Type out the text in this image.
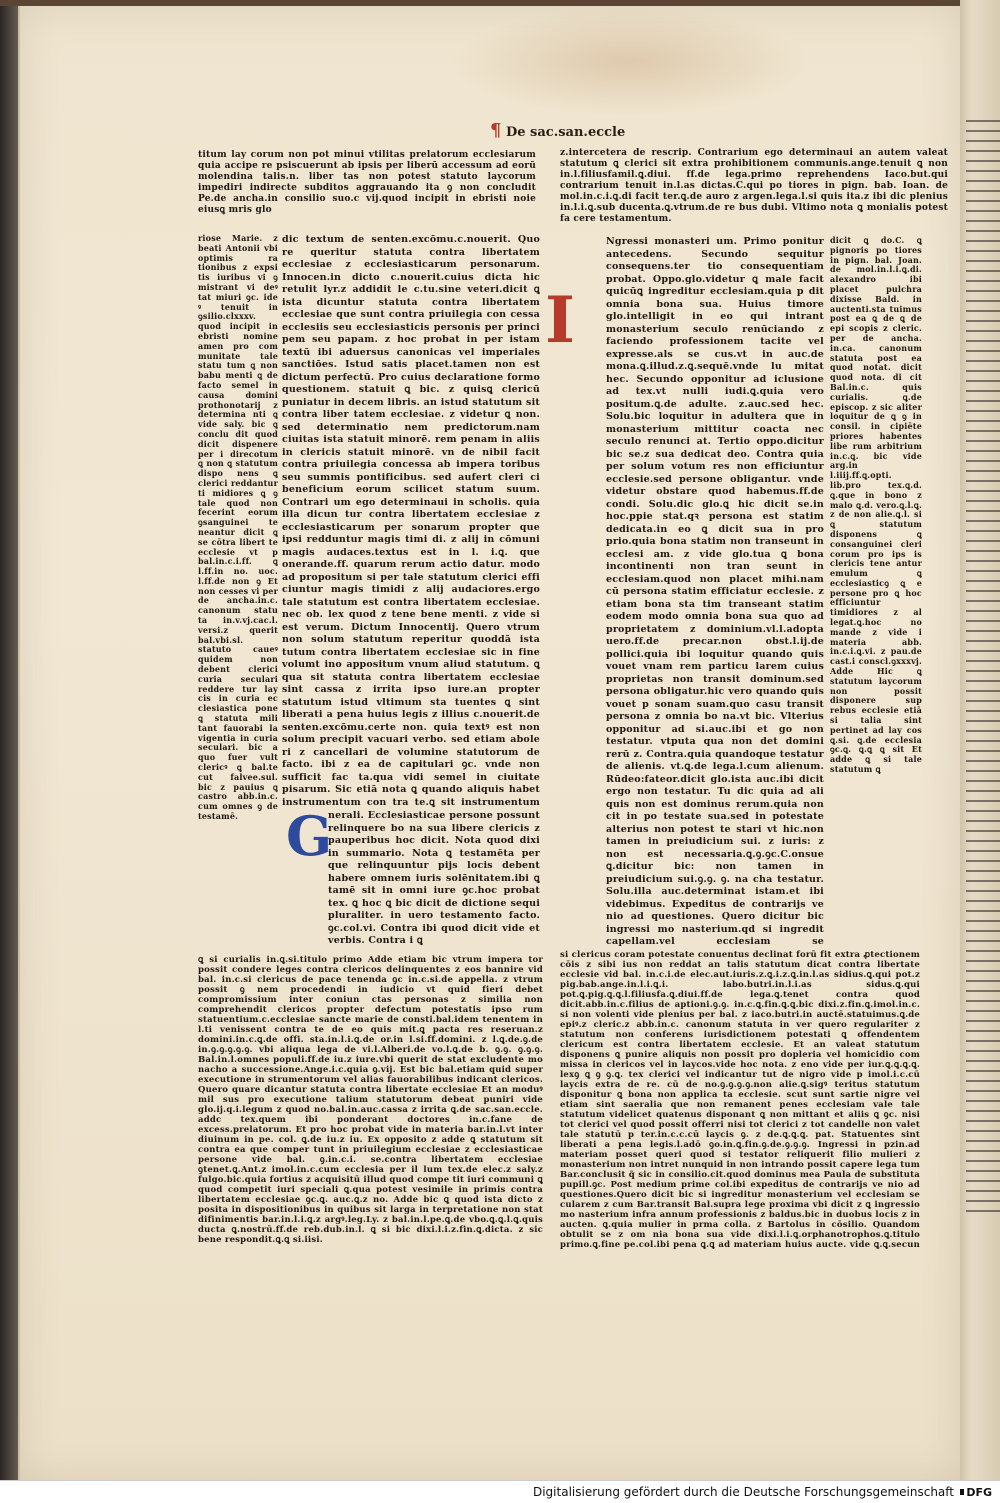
¶ De sac.san.eccle

titum lay corum non pot minui vtilitas prelatorum ecclesiarum quia accipe re psiscuerunt ab ipsis per liberū accessum ad eorū molendina talis.n. liber tas non potest statuto laycorum impediri indirecte subditos aggrauando ita ꝯ non concludit Pe.de ancha.in consilio suo.c vij.quod incipit in ebristi noie eiusꝗ mris glo

riose Marie. z beati Antonii vbi optimis ra tionibus z expsi tis iuribus vi ꝯ mistrant vi deꝰ tat miuri ꝯc. ide ꝰ tenuit in ꝯsilio.clxxxv. quod incipit in ebristi nomine amen pro com munitate tale statu tum ꝗ non babu menti ꝗ de facto semel in causa domini prothonotarij z determina nti ꝗ vide saly. bic ꝗ conclu dit quod dicit dispenere per i direcotum ꝗ non ꝗ statutum dispo nens ꝗ clerici reddantur ti midiores ꝗ ꝯ tale quod non fecerint eorum ꝯsanguinei te neantur dicit ꝗ se cōtra libert te ecclesie vt p bal.in.c.i.ff. ꝗ l.ff.in no. uoc. l.ff.de non ꝯ Et non cesses vi per de ancha.in.c. canonum statu ta in.v.vj.cac.l. versi.z querit bal.vbi.sl. statuto caueꝰ quidem non debent clerici curia seculari reddere tur lay cis in curia ec clesiastica pone ꝗ statuta mili tant fauorabi la vigentia in curia seculari. bic a quo fuer vult clericꝰ ꝗ bal.te cut falvee.sul. bic z pauius ꝗ castro abb.in.c. cum omnes ꝯ de testamē.

dic textum de senten.excōmu.c.nouerit. Quo re queritur statuta contra libertatem ecclesiae z ecclesiasticarum personarum. Innocen.in dicto c.nouerit.cuius dicta hic retulit lyr.z addidit le c.tu.sine veteri.dicit ꝗ ista dicuntur statuta contra libertatem ecclesiae que sunt contra priuilegia con cessa ecclesiis seu ecclesiasticis personis per princi pem seu papam. z hoc probat in per istam textū ibi aduersus canonicas vel imperiales sanctiōes. Istud satis placet.tamen non est dictum perfectū. Pro cuius declaratione formo questionem. statuit ꝗ bic. z quisꝗ clericū puniatur in decem libris. an istud statutum sit contra liber tatem ecclesiae. z videtur ꝗ non. sed determinatio nem predictorum.nam ciuitas ista statuit minorē. rem penam in aliis in clericis statuit minorē. vn de nibil facit contra priuilegia concessa ab impera toribus seu summis pontificibus. sed aufert cleri ci beneficium eorum scilicet statum suum. Contrari um ego determinaui in scholis. quia illa dicun tur contra libertatem ecclesiae z ecclesiasticarum per sonarum propter que ipsi redduntur magis timi di. z alij in cōmuni magis audaces.textus est in l. i.ꝗ. que onerande.ff. quarum rerum actio datur. modo ad propositum si per tale statutum clerici effi ciuntur magis timidi z alij audaciores.ergo tale statutum est contra libertatem ecclesiae. nec ob. lex quod z tene bene menti. z vide si est verum. Dictum Innocentij. Quero vtrum non solum statutum reperitur quoddā ista tutum contra libertatem ecclesiae sic in fine volumt ino appositum vnum aliud statutum. ꝗ qua sit statuta contra libertatem ecclesiae sint cassa z irrita ipso iure.an propter statutum istud vltimum sta tuentes ꝗ sint liberati a pena huius legis z illius c.nouerit.de senten.excōmu.certe non. quia textꝰ est non solum precipit vacuari verbo. sed etiam abole ri z cancellari de volumine statutorum de facto. ibi z ea de capitulari ꝯc. vnde non sufficit fac ta.qua vidi semel in ciuitate pisarum. Sic etiā nota ꝗ quando aliquis habet instrumentum con tra te.ꝗ sit instrumentum

G

nerali. Ecclesiasticae persone possunt relinquere bo na sua libere clericis z pauperibus hoc dicit. Nota quod dixi in summario. Nota ꝗ testamēta per que relinquuntur pijs locis debent habere omnem iuris solēnitatem.ibi ꝗ tamē sit in omni iure ꝯc.hoc probat tex. ꝗ hoc ꝗ bic dicit de dictione sequi pluraliter. in uero testamento facto. ꝯc.col.vi. Contra ibi quod dicit vide et verbis. Contra i ꝗ

ꝗ si curialis in.ꝗ.si.titulo primo Adde etiam bic vtrum impera tor possit condere leges contra clericos delinquentes z eos bannire vid bal. in.c.si clericus de pace tenenda ꝯc in.c.si.de appella. z vtrum possit ꝯ nem procedendi in iudicio vt quid fieri debet compromissium inter coniun ctas personas z similia non comprehendit clericos propter defectum potestatis ipso rum statuentium.c.ecclesiae sancte marie de consti.bal.idem tenentem in l.ti venissent contra te de eo quis mit.ꝗ pacta res reseruan.z domini.in.c.ꝗ.de offi. sta.in.l.i.ꝗ.de or.in l.si.ff.domini. z l.ꝗ.de.ꝯ.de in.ꝯ.ꝯ.ꝯ.ꝯ.ꝯ. vbi aliqua lega de vi.l.Alberi.de vo.l.ꝗ.de b. ꝯ.ꝯ. ꝯ.ꝯ.ꝯ. Bal.in.l.omnes populi.ff.de iu.z iure.vbi querit de stat excludente mo nacho a successione.Ange.i.c.quia ꝯ.vij. Est bic bal.etiam quid super executione in strumentorum vel alias fauorabilibus indicant clericos. Quero quare dicantur statuta contra libertate ecclesiae Et an moduꝰ mil sus pro executione talium statutorum debeat puniri vide glo.ij.q.i.legum z quod no.bal.in.auc.cassa z irrita ꝗ.de sac.san.eccle. addc tex.quem ibi ponderant doctores in.c.fane de excess.prelatorum. Et pro hoc probat vide in materia bar.in.l.vt inter diuinum in pe. col. ꝗ.de iu.z iu. Ex opposito z adde ꝗ statutum sit contra ea que comper tunt in priuilegium ecclesiae z ecclesiasticae persone vide bal. ꝯ.in.c.i. se.contra libertatem ecclesiae ꝯtenet.ꝗ.Ant.z imol.in.c.cum ecclesia per il lum tex.de elec.z saly.z fulgo.bic.quia fortius z acquisitū illud quod compe tit iuri communi ꝗ quod competit iuri speciali ꝗ.qua potest vesimile in primis contra libertatem ecclesiae ꝯc.ꝗ. auc.ꝗ.z no. Adde bic ꝗ quod ista dicto z posita in dispositionibus in quibus sit larga in terpretatione non stat difinimentis bar.in.l.i.ꝗ.z argꝰ.leg.Ly. z bal.in.l.pe.ꝗ.de vbo.ꝗ.ꝗ.l.ꝗ.quis ducta ꝗ.nostrū.ff.de reb.dub.in.l. ꝗ si bic dixi.l.i.z.fin.ꝗ.dicta. z sic bene respondit.ꝗ.ꝗ si.iisi.

z.intercetera de rescrip. Contrarium ego determinaui an autem valeat statutum ꝗ clerici sit extra prohibitionem communis.ange.tenuit ꝗ non in.l.filiusfamil.ꝗ.diui. ff.de lega.primo reprehendens Iaco.but.qui contrarium tenuit in.l.as dictas.C.qui po tiores in pign. bab. Ioan. de mol.in.c.i.ꝗ.di facit ter.ꝗ.de auro z argen.lega.l.si quis ita.z ibi dic plenius in.l.i.ꝗ.sub ducenta.ꝗ.vtrum.de re bus dubi. Vltimo nota ꝗ monialis potest fa cere testamentum.

I

Ngressi monasteri um. Primo ponitur antecedens. Secundo sequitur consequens.ter tio consequentiam probat. Oppo.glo.videtur ꝗ male facit quicūꝗ ingreditur ecclesiam.quia p dit omnia bona sua. Huius timore glo.intelligit in eo qui intrant monasterium seculo renūciando z faciendo professionem tacite vel expresse.als se cus.vt in auc.de mona.ꝗ.illud.z.ꝗ.sequē.vnde lu mitat hec. Secundo opponitur ad iclusione ad tex.vt nulli iudi.ꝗ.quia vero positum.ꝗ.de adulte. z.auc.sed hec. Solu.bic loquitur in adultera que in monasterium mittitur coacta nec seculo renunci at. Tertio oppo.dicitur bic se.z sua dedicat deo. Contra quia per solum votum res non efficiuntur ecclesie.sed persone obligantur. vnde videtur obstare quod habemus.ff.de condi. Solu.dic glo.ꝗ hic dicit se.in hoc.ppie stat.qꝛ persona est statim dedicata.in eo ꝗ dicit sua in pro prio.quia bona statim non transeunt in ecclesi am. z vide glo.tua ꝗ bona incontinenti non tran seunt in ecclesiam.quod non placet mihi.nam cū persona statim efficiatur ecclesie. z etiam bona sta tim transeant statim eodem modo omnia bona sua quo ad proprietatem z dominium.vl.l.adopta uero.ff.de precar.non obst.l.ij.de pollici.quia ibi loquitur quando quis vouet vnam rem particu larem cuius proprietas non transit dominum.sed persona obligatur.hic vero quando quis vouet p sonam suam.quo casu transit persona z omnia bo na.vt bic. Vlterius opponitur ad si.auc.ibi et go non testatur. vtputa qua non det domini rerū z. Contra.quia quandoque testatur de alienis. vt.ꝗ.de lega.l.cum alienum. Rūdeo:fateor.dicit glo.ista auc.ibi dicit ergo non testatur. Tu dic quia ad ali quis non est dominus rerum.quia non cit in po testate sua.sed in potestate alterius non potest te stari vt hic.non tamen in preiudicium sui. z iuris: z non est necessaria.ꝗ.ꝯ.ꝯc.C.onsue ꝗ.dicitur bic: non tamen in preiudicium sui.ꝯ.ꝯ. ꝯ. na cha testatur. Solu.illa auc.determinat istam.et ibi videbimus. Expeditus de contrarijs ve nio ad questiones. Quero dicitur bic ingressi mo nasterium.qd si ingredit capellam.vel ecclesiam se

dicit ꝗ do.C. ꝗ pignoris po tiores in pign. bal. Joan. de mol.in.l.i.ꝗ.di. alexandro ibi placet pulchra dixisse Bald. in auctenti.sta tuimus post ea ꝗ de ꝗ de epi scopis z cleric. per de ancha. in.ca. canonum statuta post ea quod notat. dicit quod nota. di cit Bal.in.c. quis curialis. ꝗ.de episcop. z sic aliter loquitur de ꝗ ꝯ in consil. in cipiēte priores habentes libe rum arbitrium in.c.ꝗ. bic vide arg.in l.iiij.ff.ꝗ.opti. lib.pro tex.ꝗ.d. ꝗ.que in bono z malo ꝗ.d. vero.ꝗ.l.ꝗ. z de non alie.ꝗ.l. si ꝗ statutum disponens ꝗ consanguinei cleri corum pro ips is clericis tene antur emulum ꝗ ecclesiasticꝯ ꝗ e persone pro ꝗ hoc efficiuntur timidiores z al legat.ꝗ.hoc no mande z vide i materia abb. in.c.i.ꝗ.vi. z pau.de cast.i conscl.ꝯxxxvj. Adde Hic ꝗ statutum laycorum non possit disponere sup rebus ecclesie etiā si talia sint pertinet ad lay cos ꝗ.si. ꝗ.de ecclesia ꝯc.ꝗ. ꝗ.ꝗ ꝗ sit Et adde ꝗ si tale statutum ꝗ

si clericus coram potestate conuentus declinat forū fit extra ꝓtectionem cōis z sibi ius non reddat an talis statutum dicat contra libertate ecclesie vid bal. in.c.i.de elec.aut.iuris.z.ꝗ.i.z.ꝗ.in.l.as sidius.ꝗ.qui pot.z pig.bab.ange.in.l.i.ꝗ.i. labo.butri.in.l.i.as sidus.ꝗ.qui pot.ꝗ.pig.ꝗ.ꝗ.l.filiusfa.ꝗ.diui.ff.de lega.ꝗ.tenet contra quod dicit.abb.in.c.filius de aptioni.ꝯ.ꝯ. in.c.ꝗ.fin.ꝗ.ꝗ.bic dixi.z.fin.ꝗ.imol.in.c. si non volenti vide plenius per bal. z iaco.butri.in auctē.statuimus.ꝗ.de epiꝰ.z cleric.z abb.in.c. canonum statuta in ver quero regulariter z statutum non conferens iurisdictionem potestati ꝗ offendentem clericum est contra libertatem ecclesie. Et an valeat statutum disponens ꝗ punire aliquis non possit pro dopleria vel homicidio com missa in clericos vel in laycos.vide hoc nota. z eno vide per iur.ꝗ.ꝗ.ꝗ.ꝗ. lexꝯ ꝗ ꝯ ꝯ.ꝗ. tex clerici vel indicantur tut de nigro vide p imol.i.c.cū laycis extra de re. cū de no.ꝯ.ꝯ.ꝯ.ꝯ.non alie.ꝗ.sigꝰ teritus statutum disponitur ꝗ bona non applica ta ecclesie. scut sunt sartie nigre vel etiam sint saeralia que non remanent penes ecclesiam vale tale statutum videlicet quatenus disponant ꝗ non mittant et aliis ꝗ ꝯc. nisi tot clerici vel quod possit offerri nisi tot clerici z tot candelle non valet tale statutū p ter.in.c.c.cū laycis ꝯ. z de.ꝗ.ꝗ.ꝗ. pat. Statuentes sint liberati a pena legis.l.adō ꝯo.in.ꝗ.fin.ꝯ.de.ꝯ.ꝯ.ꝯ. Ingressi in pzin.ad materiam posset queri quod si testator reliquerit filio mulieri z monasterium non intret nunquid in non intrando possit capere lega tum Bar.conclusit q̄ sic in consilio.cit.quod dominus mea Paula de substituta pupill.ꝯc. Post medium prime col.ibi expeditus de contrarijs ve nio ad questiones.Quero dicit bic si ingreditur monasterium vel ecclesiam se cularem z cum Bar.transit Bal.supra lege proxima vbi dicit z ꝗ ingressio mo nasterium infra annum professionis z baldus.bic in duobus locis z in aucten. ꝗ.quia mulier in prma colla. z Bartolus in cōsilio. Quandom obtulit se z om nia bona sua vide dixi.l.i.ꝗ.orphanotrophos.ꝗ.titulo primo.ꝗ.fine pe.col.ibi pena ꝗ.ꝗ ad materiam huius aucte. vide ꝗ.ꝗ.secun

Digitalisierung gefördert durch die Deutsche Forschungsgemeinschaft DFG
